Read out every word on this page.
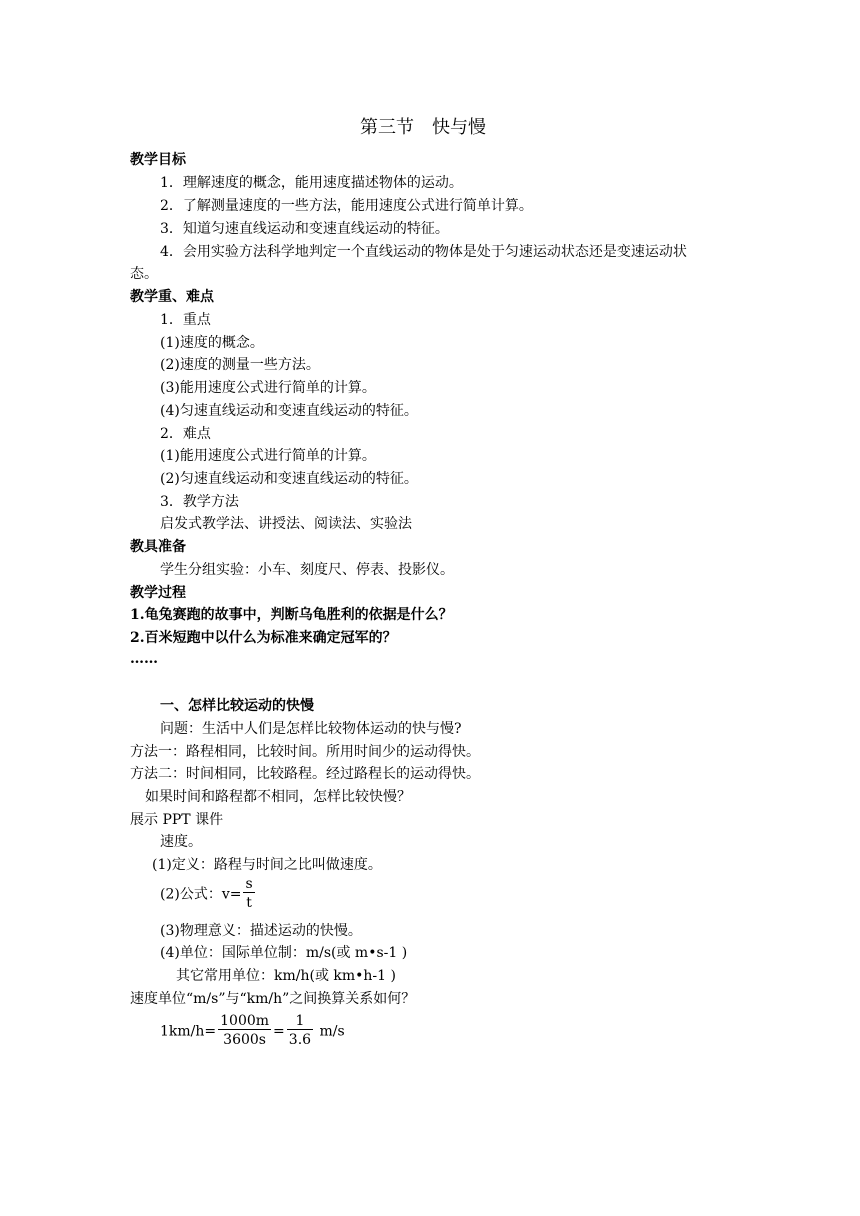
第三节　快与慢
教学目标
1．理解速度的概念，能用速度描述物体的运动。
2．了解测量速度的一些方法，能用速度公式进行简单计算。
3．知道匀速直线运动和变速直线运动的特征。
4．会用实验方法科学地判定一个直线运动的物体是处于匀速运动状态还是变速运动状
态。
教学重、难点
1．重点
(1)速度的概念。
(2)速度的测量一些方法。
(3)能用速度公式进行简单的计算。
(4)匀速直线运动和变速直线运动的特征。
2．难点
(1)能用速度公式进行简单的计算。
(2)匀速直线运动和变速直线运动的特征。
3．教学方法
启发式教学法、讲授法、阅读法、实验法
教具准备
学生分组实验：小车、刻度尺、停表、投影仪。
教学过程
1.龟兔赛跑的故事中，判断乌龟胜利的依据是什么？
2.百米短跑中以什么为标准来确定冠军的？
……
一、怎样比较运动的快慢
问题：生活中人们是怎样比较物体运动的快与慢?
方法一：路程相同，比较时间。所用时间少的运动得快。
方法二：时间相同，比较路程。经过路程长的运动得快。
如果时间和路程都不相同，怎样比较快慢？
展示 PPT 课件
速度。
(1)定义：路程与时间之比叫做速度。
(2)公式：$v= \frac{s}{t}$
(3)物理意义：描述运动的快慢。
(4)单位：国际单位制：m/s(或 m•s-1 )
其它常用单位：km/h(或 km•h-1 )
速度单位“m/s”与“km/h”之间换算关系如何？
$1km/h= \frac{1000m}{3600s} = \frac{1}{3.6} m/s$
